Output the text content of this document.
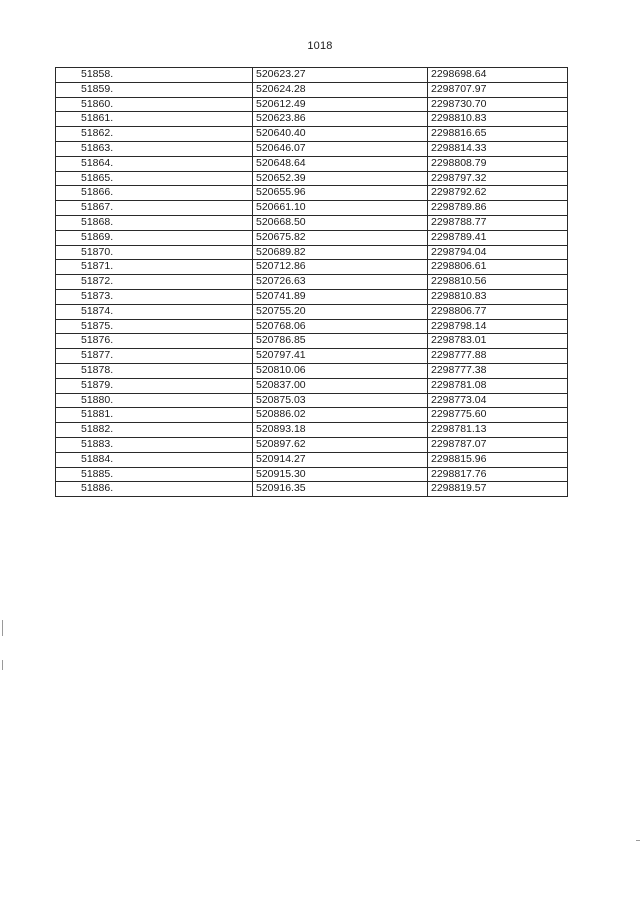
1018
51858.	520623.27	2298698.64
51859.	520624.28	2298707.97
51860.	520612.49	2298730.70
51861.	520623.86	2298810.83
51862.	520640.40	2298816.65
51863.	520646.07	2298814.33
51864.	520648.64	2298808.79
51865.	520652.39	2298797.32
51866.	520655.96	2298792.62
51867.	520661.10	2298789.86
51868.	520668.50	2298788.77
51869.	520675.82	2298789.41
51870.	520689.82	2298794.04
51871.	520712.86	2298806.61
51872.	520726.63	2298810.56
51873.	520741.89	2298810.83
51874.	520755.20	2298806.77
51875.	520768.06	2298798.14
51876.	520786.85	2298783.01
51877.	520797.41	2298777.88
51878.	520810.06	2298777.38
51879.	520837.00	2298781.08
51880.	520875.03	2298773.04
51881.	520886.02	2298775.60
51882.	520893.18	2298781.13
51883.	520897.62	2298787.07
51884.	520914.27	2298815.96
51885.	520915.30	2298817.76
51886.	520916.35	2298819.57
